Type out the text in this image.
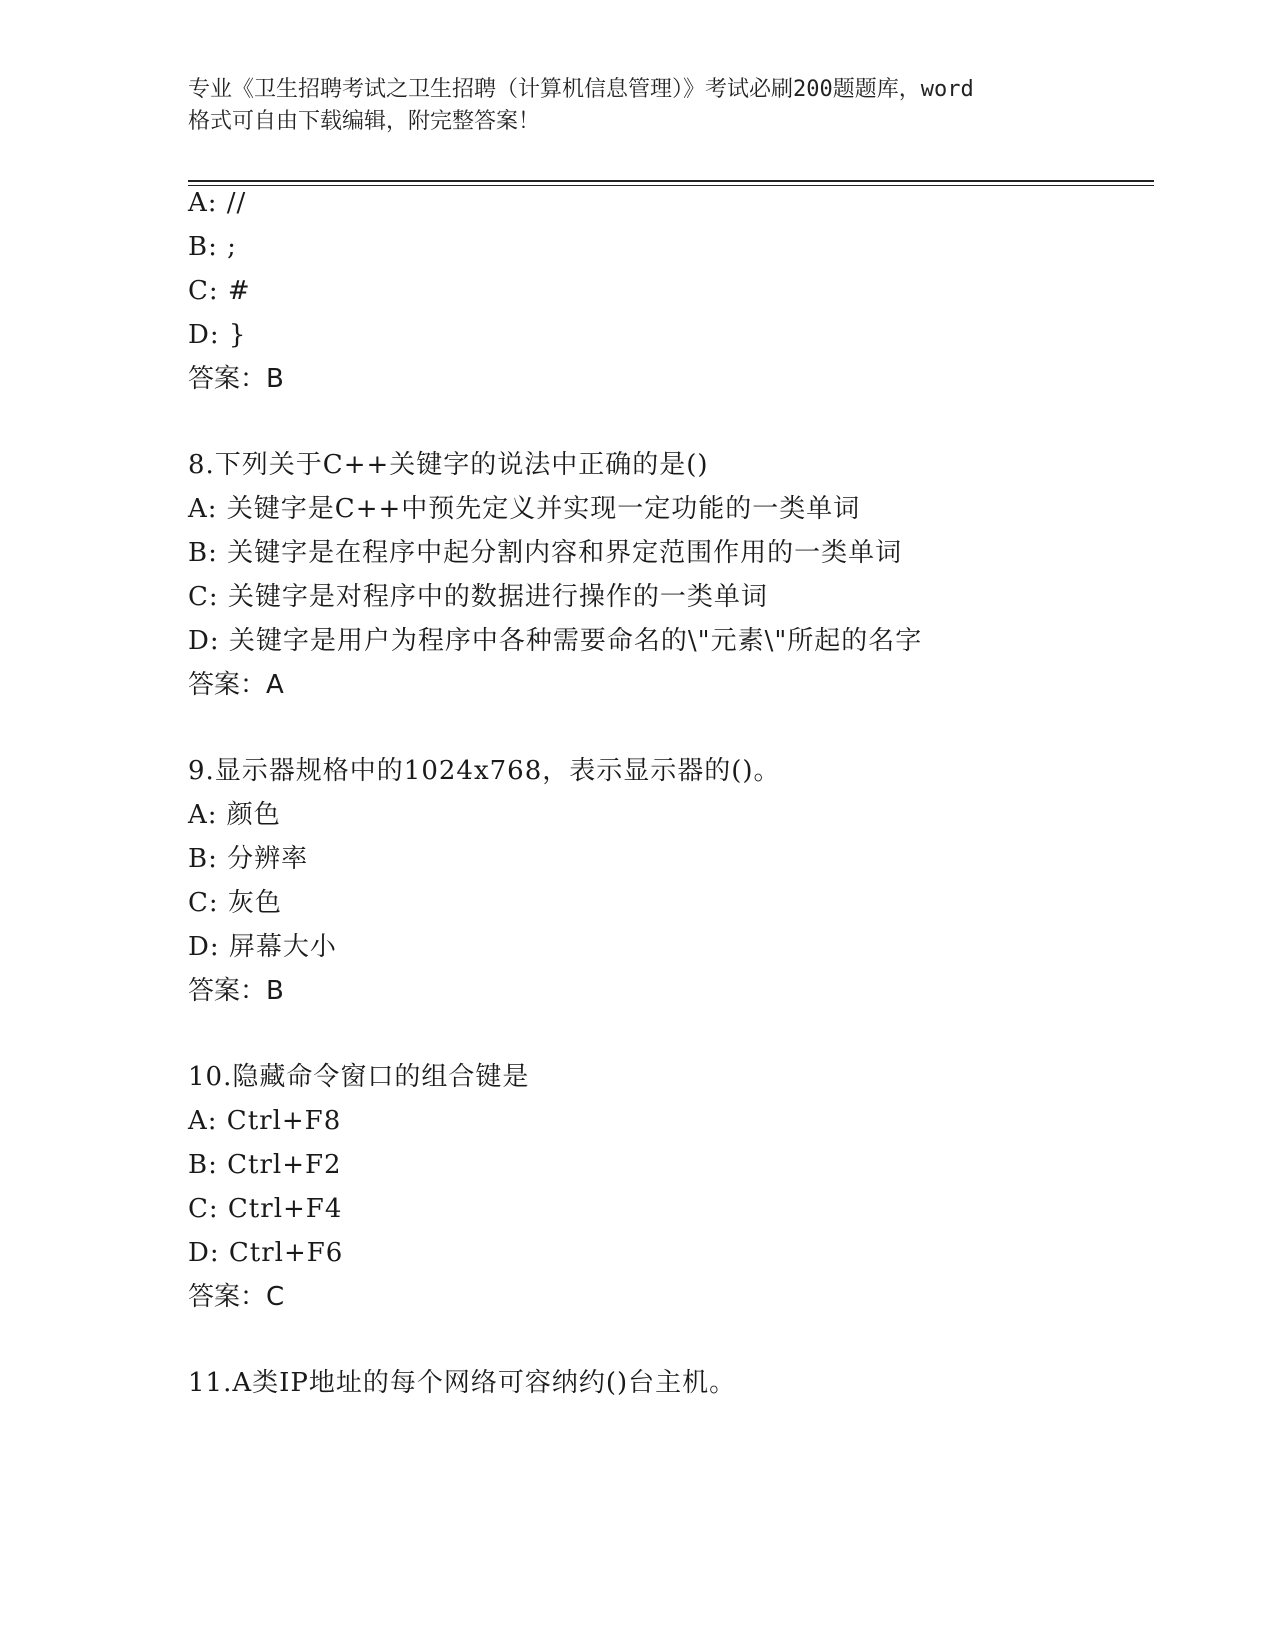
专业《卫生招聘考试之卫生招聘（计算机信息管理）》考试必刷200题题库，word
格式可自由下载编辑，附完整答案！
A: //
B: ;
C: #
D: }
答案：B
8.下列关于C++关键字的说法中正确的是()
A: 关键字是C++中预先定义并实现一定功能的一类单词
B: 关键字是在程序中起分割内容和界定范围作用的一类单词
C: 关键字是对程序中的数据进行操作的一类单词
D: 关键字是用户为程序中各种需要命名的\"元素\"所起的名字
答案：A
9.显示器规格中的1024x768，表示显示器的()。
A: 颜色
B: 分辨率
C: 灰色
D: 屏幕大小
答案：B
10.隐藏命令窗口的组合键是
A: Ctrl+F8
B: Ctrl+F2
C: Ctrl+F4
D: Ctrl+F6
答案：C
11.A类IP地址的每个网络可容纳约()台主机。
